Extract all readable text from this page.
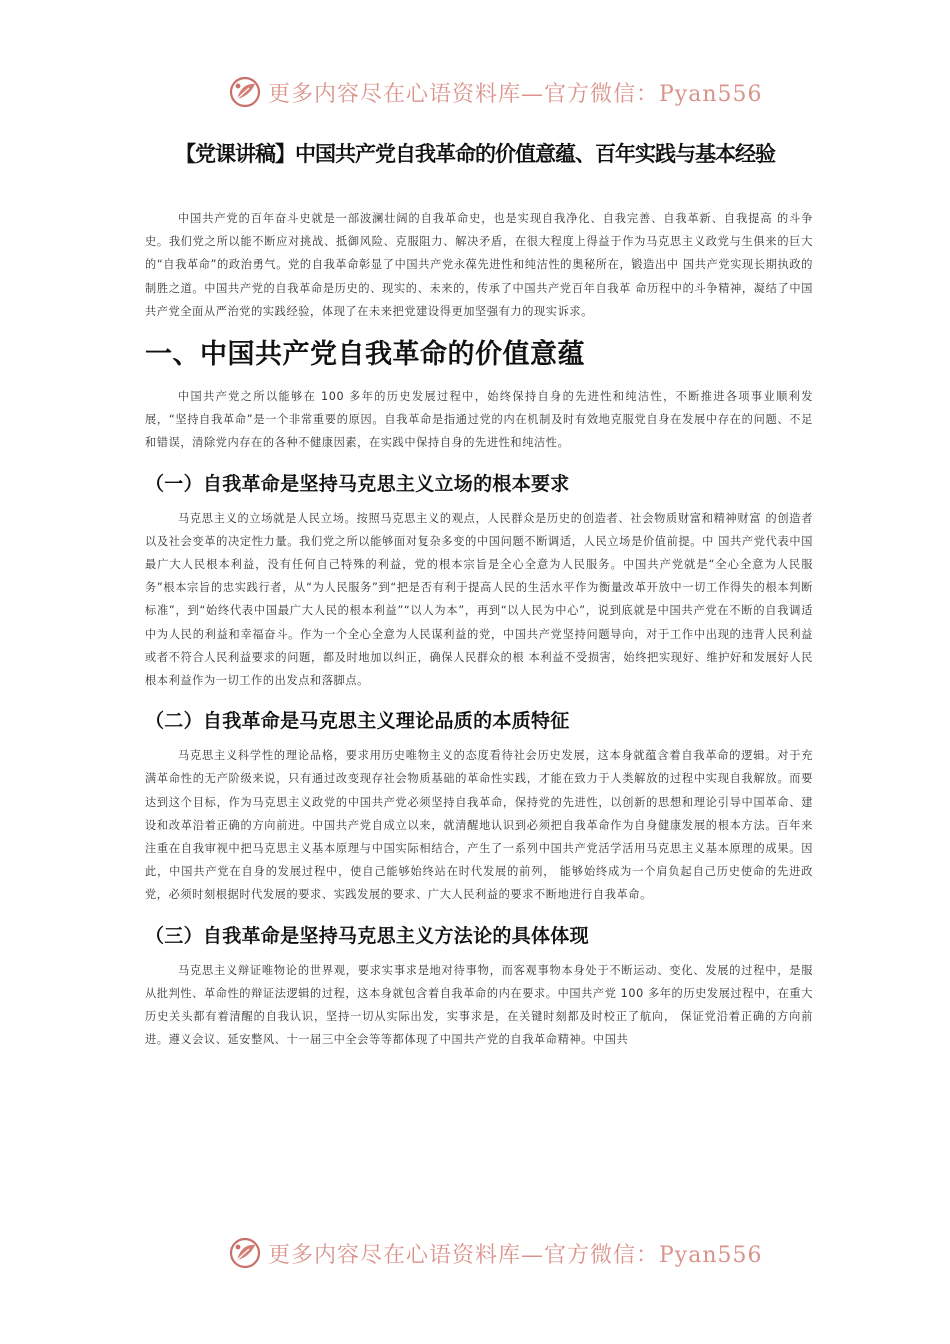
更多内容尽在心语资料库—官方微信：Pyan556
【党课讲稿】中国共产党自我革命的价值意蕴、百年实践与基本经验

中国共产党的百年奋斗史就是一部波澜壮阔的自我革命史，也是实现自我净化、自我完善、自我革新、自我提高 的斗争史。我们党之所以能不断应对挑战、抵御风险、克服阻力、解决矛盾，在很大程度上得益于作为马克思主义政党与生俱来的巨大的“自我革命”的政治勇气。党的自我革命彰显了中国共产党永葆先进性和纯洁性的奥秘所在，锻造出中 国共产党实现长期执政的制胜之道。中国共产党的自我革命是历史的、现实的、未来的，传承了中国共产党百年自我革 命历程中的斗争精神，凝结了中国共产党全面从严治党的实践经验，体现了在未来把党建设得更加坚强有力的现实诉求。

一、中国共产党自我革命的价值意蕴

中国共产党之所以能够在 100 多年的历史发展过程中，始终保持自身的先进性和纯洁性，不断推进各项事业顺利发展，“坚持自我革命”是一个非常重要的原因。自我革命是指通过党的内在机制及时有效地克服党自身在发展中存在的问题、不足和错误，清除党内存在的各种不健康因素，在实践中保持自身的先进性和纯洁性。

（一）自我革命是坚持马克思主义立场的根本要求

马克思主义的立场就是人民立场。按照马克思主义的观点，人民群众是历史的创造者、社会物质财富和精神财富 的创造者以及社会变革的决定性力量。我们党之所以能够面对复杂多变的中国问题不断调适，人民立场是价值前提。中 国共产党代表中国最广大人民根本利益，没有任何自己特殊的利益，党的根本宗旨是全心全意为人民服务。中国共产党就是“全心全意为人民服务”根本宗旨的忠实践行者，从“为人民服务”到“把是否有利于提高人民的生活水平作为衡量改革开放中一切工作得失的根本判断标准”，到“始终代表中国最广大人民的根本利益”“以人为本”，再到“以人民为中心”，说到底就是中国共产党在不断的自我调适中为人民的利益和幸福奋斗。作为一个全心全意为人民谋利益的党，中国共产党坚持问题导向，对于工作中出现的违背人民利益或者不符合人民利益要求的问题，都及时地加以纠正，确保人民群众的根 本利益不受损害，始终把实现好、维护好和发展好人民根本利益作为一切工作的出发点和落脚点。

（二）自我革命是马克思主义理论品质的本质特征

马克思主义科学性的理论品格，要求用历史唯物主义的态度看待社会历史发展，这本身就蕴含着自我革命的逻辑。对于充满革命性的无产阶级来说，只有通过改变现存社会物质基础的革命性实践，才能在致力于人类解放的过程中实现自我解放。而要达到这个目标，作为马克思主义政党的中国共产党必须坚持自我革命，保持党的先进性，以创新的思想和理论引导中国革命、建设和改革沿着正确的方向前进。中国共产党自成立以来，就清醒地认识到必须把自我革命作为自身健康发展的根本方法。百年来注重在自我审视中把马克思主义基本原理与中国实际相结合，产生了一系列中国共产党活学活用马克思主义基本原理的成果。因此，中国共产党在自身的发展过程中，使自己能够始终站在时代发展的前列， 能够始终成为一个肩负起自己历史使命的先进政党，必须时刻根据时代发展的要求、实践发展的要求、广大人民利益的要求不断地进行自我革命。

（三）自我革命是坚持马克思主义方法论的具体体现

马克思主义辩证唯物论的世界观，要求实事求是地对待事物，而客观事物本身处于不断运动、变化、发展的过程中，是服从批判性、革命性的辩证法逻辑的过程，这本身就包含着自我革命的内在要求。中国共产党 100 多年的历史发展过程中，在重大历史关头都有着清醒的自我认识，坚持一切从实际出发，实事求是，在关键时刻都及时校正了航向， 保证党沿着正确的方向前进。遵义会议、延安整风、十一届三中全会等等都体现了中国共产党的自我革命精神。中国共

更多内容尽在心语资料库—官方微信：Pyan556
